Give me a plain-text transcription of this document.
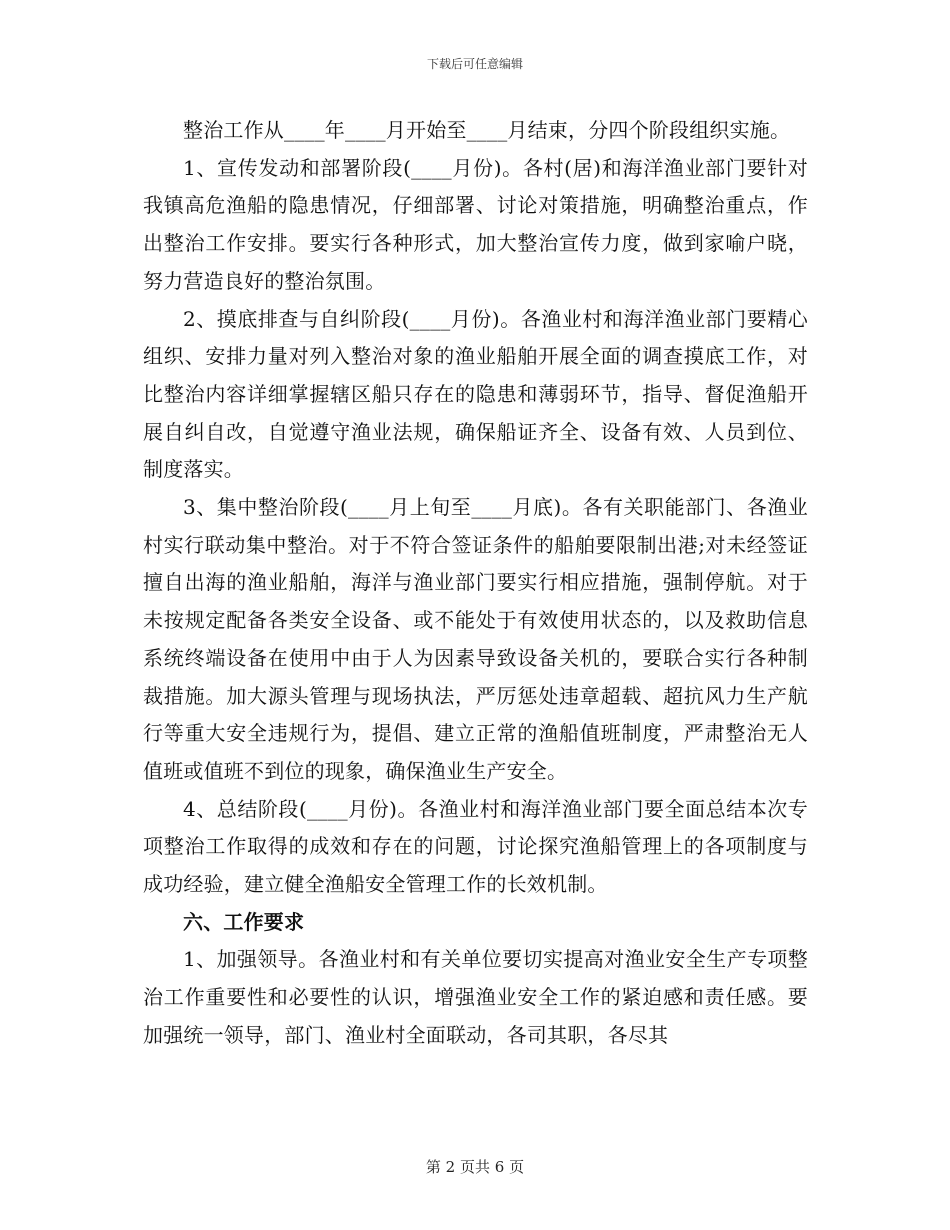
下载后可任意编辑

整治工作从____年____月开始至____月结束，分四个阶段组织实施。

1、宣传发动和部署阶段(____月份)。各村(居)和海洋渔业部门要针对我镇高危渔船的隐患情况，仔细部署、讨论对策措施，明确整治重点，作出整治工作安排。要实行各种形式，加大整治宣传力度，做到家喻户晓，努力营造良好的整治氛围。

2、摸底排查与自纠阶段(____月份)。各渔业村和海洋渔业部门要精心组织、安排力量对列入整治对象的渔业船舶开展全面的调查摸底工作，对比整治内容详细掌握辖区船只存在的隐患和薄弱环节，指导、督促渔船开展自纠自改，自觉遵守渔业法规，确保船证齐全、设备有效、人员到位、制度落实。

3、集中整治阶段(____月上旬至____月底)。各有关职能部门、各渔业村实行联动集中整治。对于不符合签证条件的船舶要限制出港;对未经签证擅自出海的渔业船舶，海洋与渔业部门要实行相应措施，强制停航。对于未按规定配备各类安全设备、或不能处于有效使用状态的，以及救助信息系统终端设备在使用中由于人为因素导致设备关机的，要联合实行各种制裁措施。加大源头管理与现场执法，严厉惩处违章超载、超抗风力生产航行等重大安全违规行为，提倡、建立正常的渔船值班制度，严肃整治无人值班或值班不到位的现象，确保渔业生产安全。

4、总结阶段(____月份)。各渔业村和海洋渔业部门要全面总结本次专项整治工作取得的成效和存在的问题，讨论探究渔船管理上的各项制度与成功经验，建立健全渔船安全管理工作的长效机制。

六、工作要求

1、加强领导。各渔业村和有关单位要切实提高对渔业安全生产专项整治工作重要性和必要性的认识，增强渔业安全工作的紧迫感和责任感。要加强统一领导，部门、渔业村全面联动，各司其职，各尽其

第 2 页共 6 页
